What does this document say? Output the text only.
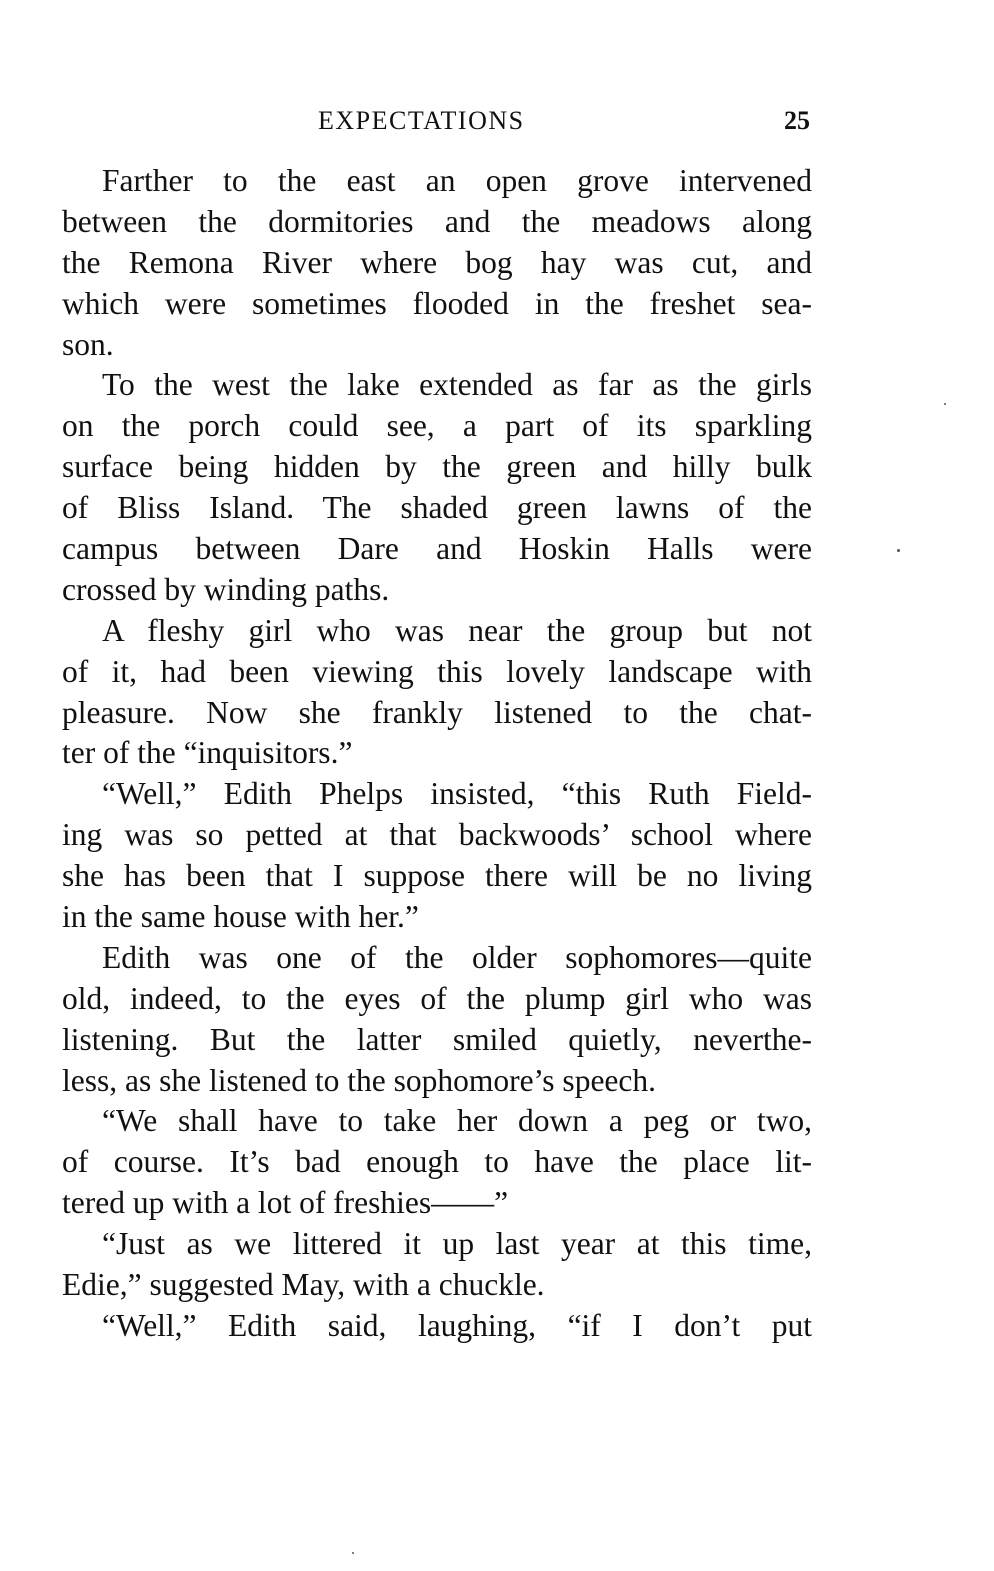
EXPECTATIONS	25
Farther to the east an open grove intervened
between the dormitories and the meadows along
the Remona River where bog hay was cut, and
which were sometimes flooded in the freshet sea-
son.
To the west the lake extended as far as the girls
on the porch could see, a part of its sparkling
surface being hidden by the green and hilly bulk
of Bliss Island. The shaded green lawns of the
campus between Dare and Hoskin Halls were
crossed by winding paths.
A fleshy girl who was near the group but not
of it, had been viewing this lovely landscape with
pleasure. Now she frankly listened to the chat-
ter of the “inquisitors.”
“Well,” Edith Phelps insisted, “this Ruth Field-
ing was so petted at that backwoods’ school where
she has been that I suppose there will be no living
in the same house with her.”
Edith was one of the older sophomores—quite
old, indeed, to the eyes of the plump girl who was
listening. But the latter smiled quietly, neverthe-
less, as she listened to the sophomore’s speech.
“We shall have to take her down a peg or two,
of course. It’s bad enough to have the place lit-
tered up with a lot of freshies——”
“Just as we littered it up last year at this time,
Edie,” suggested May, with a chuckle.
“Well,” Edith said, laughing, “if I don’t put
